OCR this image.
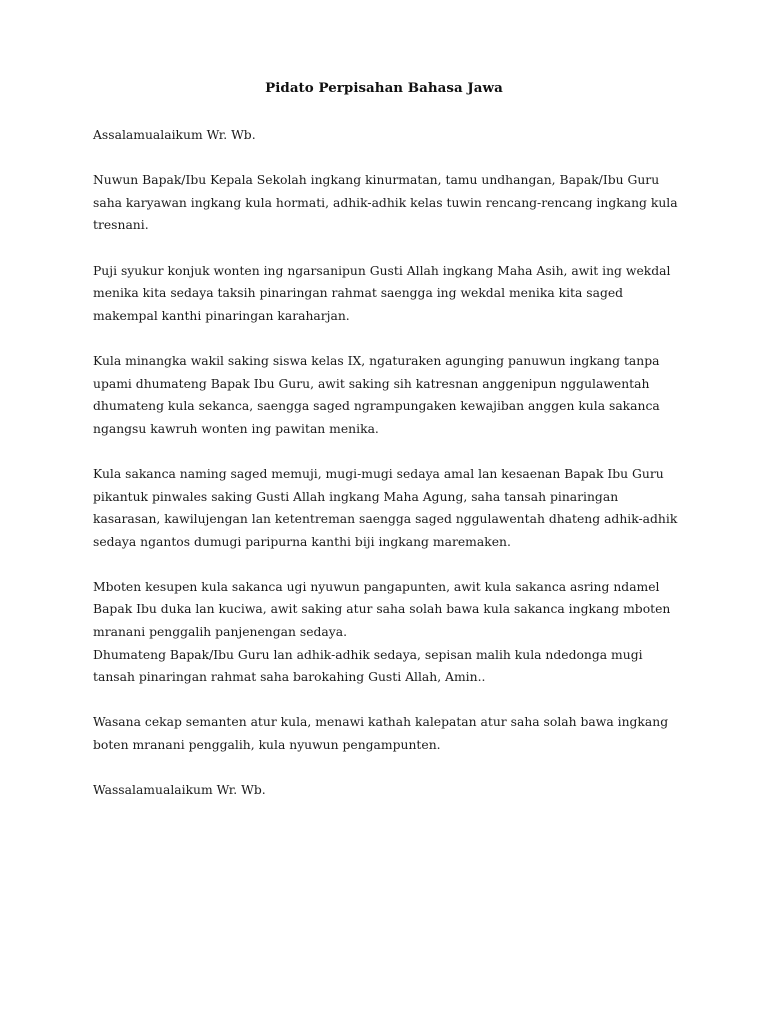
Pidato Perpisahan Bahasa Jawa

Assalamualaikum Wr. Wb.

Nuwun Bapak/Ibu Kepala Sekolah ingkang kinurmatan, tamu undhangan, Bapak/Ibu Guru
saha karyawan ingkang kula hormati, adhik-adhik kelas tuwin rencang-rencang ingkang kula
tresnani.

Puji syukur konjuk wonten ing ngarsanipun Gusti Allah ingkang Maha Asih, awit ing wekdal
menika kita sedaya taksih pinaringan rahmat saengga ing wekdal menika kita saged
makempal kanthi pinaringan karaharjan.

Kula minangka wakil saking siswa kelas IX, ngaturaken agunging panuwun ingkang tanpa
upami dhumateng Bapak Ibu Guru, awit saking sih katresnan anggenipun nggulawentah
dhumateng kula sekanca, saengga saged ngrampungaken kewajiban anggen kula sakanca
ngangsu kawruh wonten ing pawitan menika.

Kula sakanca naming saged memuji, mugi-mugi sedaya amal lan kesaenan Bapak Ibu Guru
pikantuk pinwales saking Gusti Allah ingkang Maha Agung, saha tansah pinaringan
kasarasan, kawilujengan lan ketentreman saengga saged nggulawentah dhateng adhik-adhik
sedaya ngantos dumugi paripurna kanthi biji ingkang maremaken.

Mboten kesupen kula sakanca ugi nyuwun pangapunten, awit kula sakanca asring ndamel
Bapak Ibu duka lan kuciwa, awit saking atur saha solah bawa kula sakanca ingkang mboten
mranani penggalih panjenengan sedaya.
Dhumateng Bapak/Ibu Guru lan adhik-adhik sedaya, sepisan malih kula ndedonga mugi
tansah pinaringan rahmat saha barokahing Gusti Allah, Amin..

Wasana cekap semanten atur kula, menawi kathah kalepatan atur saha solah bawa ingkang
boten mranani penggalih, kula nyuwun pengampunten.

Wassalamualaikum Wr. Wb.
